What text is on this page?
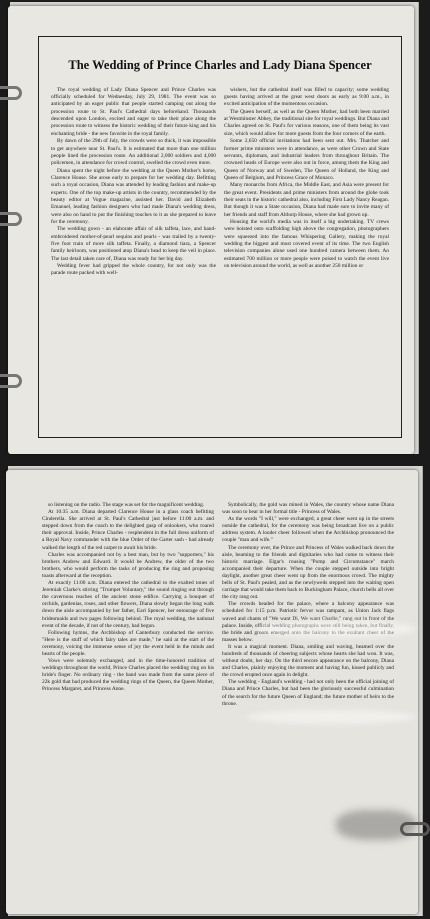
The Wedding of Prince Charles and Lady Diana Spencer

The royal wedding of Lady Diana Spencer and Prince Charles was officially scheduled for Wednesday, July 29, 1981. The event was so anticipated by an eager public that people started camping out along the procession route to St. Paul's Cathedral days beforehand. Thousands descended upon London, excited and eager to take their place along the procession route to witness the historic wedding of their future king and his enchanting bride - the new favorite in the royal family.

By dawn of the 29th of July, the crowds were so thick, it was impossible to get anywhere near St. Paul's. It is estimated that more than one million people lined the procession route. An additional 2,000 soldiers and 4,000 policemen, in attendance for crowd control, swelled the crowd even more.

Diana spent the night before the wedding at the Queen Mother's home, Clarence House. She arose early to prepare for her wedding day. Befitting such a royal occasion, Diana was attended by leading fashion and make-up experts. One of the top make-up artists in the country, recommended by the beauty editor at Vogue magazine, assisted her. David and Elizabeth Emanuel, leading fashion designers who had made Diana's wedding dress, were also on hand to put the finishing touches to it as she prepared to leave for the ceremony.

The wedding gown - an elaborate affair of silk taffeta, lace, and hand-embroidered mother-of-pearl sequins and pearls - was trailed by a twenty-five foot train of more silk taffeta. Finally, a diamond tiara, a Spencer family heirloom, was positioned atop Diana's head to keep the veil in place. The last detail taken care of, Diana was ready for her big day.

Wedding fever had gripped the whole country, for not only was the parade route packed with well-

wishers, but the cathedral itself was filled to capacity; some wedding guests having arrived at the great west doors as early as 9:00 a.m., in excited anticipation of the momentous occasion.

The Queen herself, as well as the Queen Mother, had both been married at Westminster Abbey, the traditional site for royal weddings. But Diana and Charles agreed on St. Paul's for various reasons, one of them being its vast size, which would allow for more guests from the four corners of the earth.

Some 2,650 official invitations had been sent out. Mrs. Thatcher and former prime ministers were in attendance, as were other Crown and State servants, diplomats, and industrial leaders from throughout Britain. The crowned heads of Europe were also out in force, among them the King and Queen of Norway and of Sweden, The Queen of Holland, the King and Queen of Belgium, and Princess Grace of Monaco.

Many monarchs from Africa, the Middle East, and Asia were present for the great event. Presidents and prime ministers from around the globe took their seats in the historic cathedral also, including First Lady Nancy Reagan. But though it was a State occasion, Diana had made sure to invite many of her friends and staff from Althorp House, where she had grown up.

Housing the world's media was in itself a big undertaking. TV crews were hoisted onto scaffolding high above the congregation, photographers were squeezed into the famous Whispering Gallery, making the royal wedding the biggest and most covered event of its time. The two English television companies alone used one hundred camera between them. An estimated 700 million or more people were poised to watch the event live on television around the world, as well as another 250 million or

so listening on the radio. The stage was set for the magnificent wedding.

At 10:35 a.m. Diana departed Clarence House in a glass coach befitting Cinderella. She arrived at St. Paul's Cathedral just before 11:00 a.m. and stepped down from the coach to the delighted gasp of onlookers, who roared their approval. Inside, Prince Charles - resplendent in the full dress uniform of a Royal Navy commander with the blue Order of the Garter sash - had already walked the length of the red carpet to await his bride.

Charles was accompanied not by a best man, but by two "supporters," his brothers Andrew and Edward. It would be Andrew, the older of the two brothers, who would perform the tasks of producing the ring and proposing toasts afterward at the reception.

At exactly 11:00 a.m. Diana entered the cathedral to the exalted tones of Jeremiah Clarke's stirring "Trumpet Voluntary," the sound ringing out through the cavernous reaches of the ancient stone edifice. Carrying a bouquet of orchids, gardenias, roses, and other flowers, Diana slowly began the long walk down the aisle accompanied by her father, Earl Spencer, her entourage of five bridesmaids and two pages following behind. The royal wedding, the national event of the decade, if not of the century, had begun.

Following hymns, the Archbishop of Canterbury conducted the service. "Here is the stuff of which fairy tales are made," he said at the start of the ceremony, voicing the immense sense of joy the event held in the minds and hearts of the people.

Vows were solemnly exchanged, and in the time-honored tradition of weddings throughout the world, Prince Charles placed the wedding ring on his bride's finger. No ordinary ring - the band was made from the same piece of 22k gold that had produced the wedding rings of the Queen, the Queen Mother, Princess Margaret, and Princess Anne.

Symbolically, the gold was mined in Wales, the country whose name Diana was soon to bear in her formal title - Princess of Wales.

As the words "I will," were exchanged, a great cheer went up in the streets outside the cathedral, for the ceremony was being broadcast live on a public address system. A louder cheer followed when the Archbishop pronounced the couple "man and wife."

The ceremony over, the Prince and Princess of Wales walked back down the aisle, beaming to the friends and dignitaries who had come to witness their historic marriage. Elgar's rousing "Pomp and Circumstance" march accompanied their departure. When the couple stepped outside into bright daylight, another great cheer went up from the enormous crowd. The mighty bells of St. Paul's pealed, and as the newlyweds stepped into the waiting open carriage that would take them back to Buckingham Palace, church bells all over the city rang out.

The crowds headed for the palace, where a balcony appearance was scheduled for 1:15 p.m. Patriotic fervor was rampant, as Union Jack flags waved and chants of "We want Di, We want Charlie," rang out in front of the palace. Inside, official wedding photographs were still being taken, but finally, the bride and groom emerged onto the balcony to the exultant cheer of the masses below.

It was a magical moment. Diana, smiling and waving, beamed over the hundreds of thousands of cheering subjects whose hearts she had won. It was, without doubt, her day. On the third encore appearance on the balcony, Diana and Charles, plainly enjoying the moment and having fun, kissed publicly and the crowd erupted once again in delight.

The wedding - England's wedding - had not only been the official joining of Diana and Prince Charles, but had been the gloriously successful culmination of the search for the future Queen of England; the future mother of heirs to the throne.
